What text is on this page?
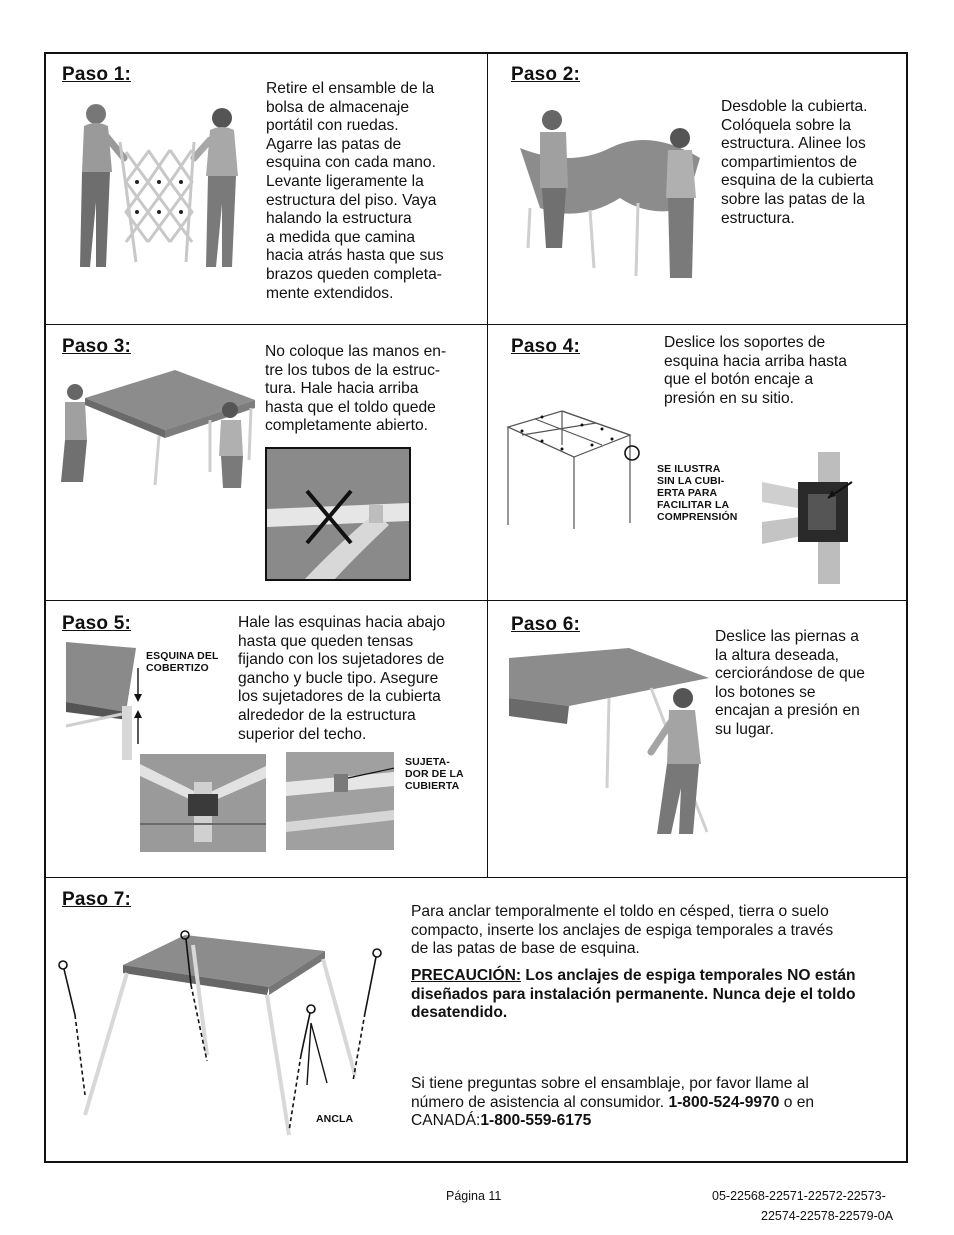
Paso 1:
Retire el ensamble de la
bolsa de almacenaje
portátil con ruedas.
Agarre las patas de
esquina con cada mano.
Levante ligeramente la
estructura del piso. Vaya
halando la estructura
a medida que camina
hacia atrás hasta que sus
brazos queden completa-
mente extendidos.
Paso 2:
Desdoble la cubierta.
Colóquela sobre la
estructura. Alinee los
compartimientos de
esquina de la cubierta
sobre las patas de la
estructura.
Paso 3:	No coloque las manos en-
tre los tubos de la estruc-
tura. Hale hacia arriba
hasta que el toldo quede
completamente abierto.
Paso 4:	Deslice los soportes de
esquina hacia arriba hasta
que el botón encaje a
presión en su sitio.
SE ILUSTRA
SIN LA CUBI-
ERTA PARA
FACILITAR LA
COMPRENSIÓN
Paso 5:	Hale las esquinas hacia abajo
hasta que queden tensas
fijando con los sujetadores de
gancho y bucle tipo. Asegure
los sujetadores de la cubierta
alrededor de la estructura
superior del techo.
ESQUINA DEL
COBERTIZO
SUJETA-
DOR DE LA
CUBIERTA
Paso 6:
Deslice las piernas a
la altura deseada,
cerciorándose de que
los botones se
encajan a presión en
su lugar.
Paso 7:
Para anclar temporalmente el toldo en césped, tierra o suelo
compacto, inserte los anclajes de espiga temporales a través
de las patas de base de esquina.
PRECAUCIÓN: Los anclajes de espiga temporales NO están
diseñados para instalación permanente. Nunca deje el toldo
desatendido.
Si tiene preguntas sobre el ensamblaje, por favor llame al
número de asistencia al consumidor. 1-800-524-9970 o en
CANADÁ:1-800-559-6175
ANCLA
Página 11	05-22568-22571-22572-22573-
22574-22578-22579-0A
